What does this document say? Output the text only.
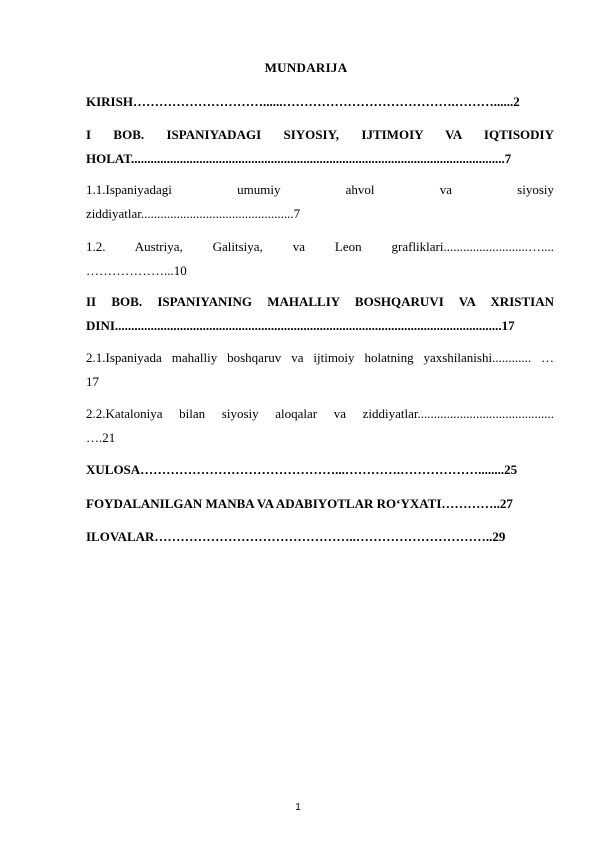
MUNDARIJA
KIRISH…………………………......………………………………….………......2
I BOB. ISPANIYADAGI SIYOSIY, IJTIMOIY VA IQTISODIY
HOLAT...................................................................................................................7
1.1.Ispaniyadagi umumiy ahvol va siyosiy
ziddiyatlar...............................................7
1.2. Austriya, Galitsiya, va Leon grafliklari..........................…....
………………...10
II BOB. ISPANIYANING MAHALLIY BOSHQARUVI VA XRISTIAN
DINI.......................................................................................................................17
2.1.Ispaniyada mahalliy boshqaruv va ijtimoiy holatning yaxshilanishi............ …
17
2.2.Kataloniya bilan siyosiy aloqalar va ziddiyatlar..........................................
….21
XULOSA………………………………………...………….………………........25
FOYDALANILGAN MANBA VA ADABIYOTLAR RO‘YXATI…………..27
ILOVALAR………………………………………..…………………………..29
1
